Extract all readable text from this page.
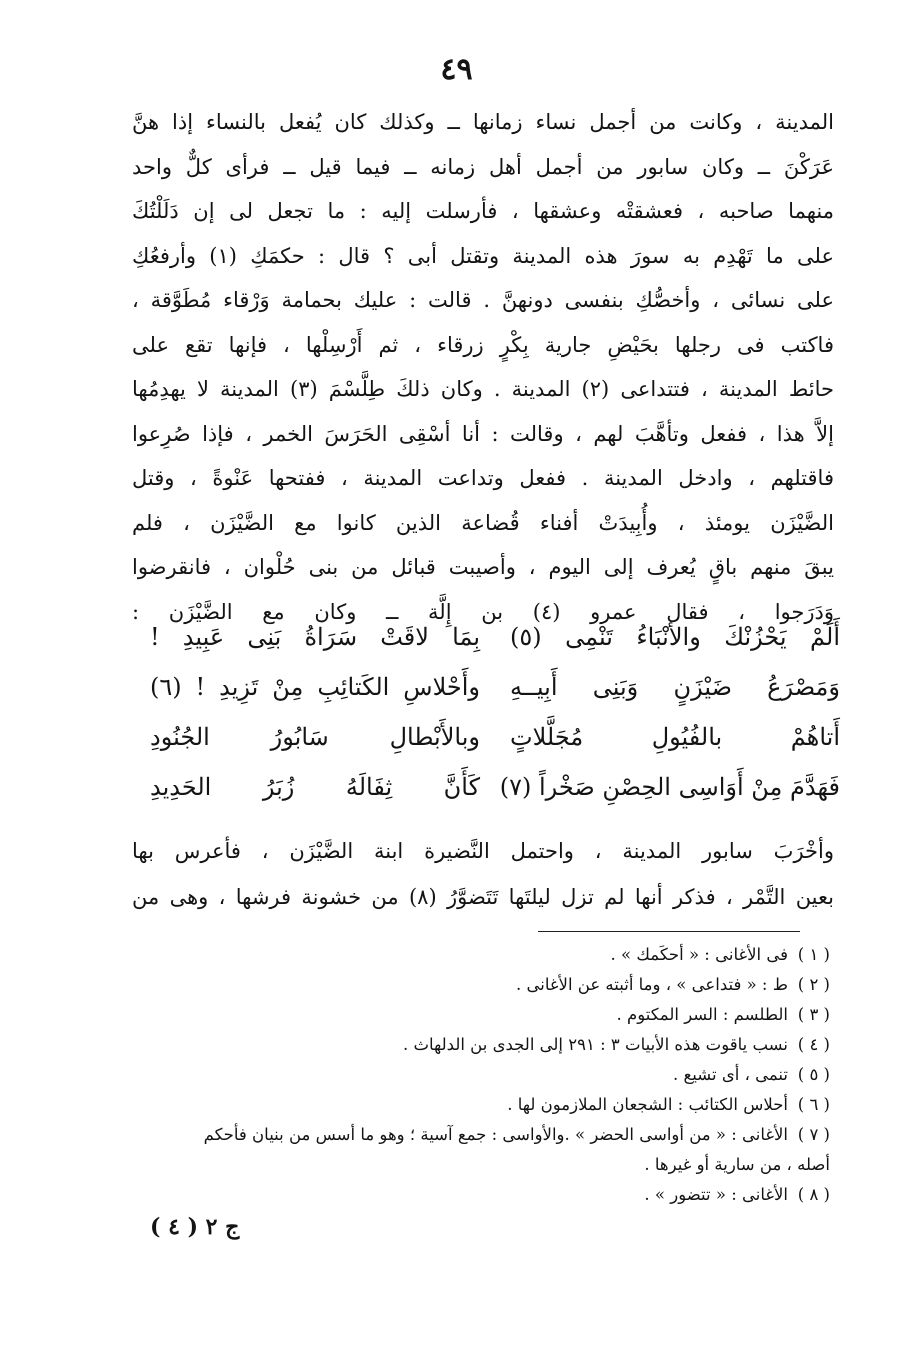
٤٩
المدينة ، وكانت من أجمل نساء زمانها ــ وكذلك كان يُفعل بالنساء إذا هنَّ
عَرَكْنَ ــ وكان سابور من أجمل أهل زمانه ــ فيما قيل ــ فرأى كلٌّ واحد
منهما صاحبه ، فعشقتْه وعشقها ، فأرسلت إليه : ما تجعل لى إن دَلَلْتُكَ
على ما تَهْدِم به سورَ هذه المدينة وتقتل أبى ؟ قال : حكمَكِ (١) وأرفعُكِ
على نسائى ، وأخصُّكِ بنفسى دونهنَّ . قالت : عليك بحمامة وَرْقاء مُطَوَّقة ،
فاكتب فى رجلها بحَيْضِ جارية بِكْرٍ زرقاء ، ثم أَرْسِلْها ، فإنها تقع على
حائط المدينة ، فتتداعى (٢) المدينة . وكان ذلكَ طِلَّسْمَ (٣) المدينة لا يهدِمُها
إلاَّ هذا ، ففعل وتأهَّبَ لهم ، وقالت : أنا أسْقِى الحَرَسَ الخمر ، فإذا صُرِعوا
فاقتلهم ، وادخل المدينة . ففعل وتداعت المدينة ، ففتحها عَنْوةً ، وقتل
الضَّيْزَن يومئذ ، وأُبِيدَتْ أفناء قُضاعة الذين كانوا مع الضَّيْزَن ، فلم
يبقَ منهم باقٍ يُعرف إلى اليوم ، وأصيبت قبائل من بنى حُلْوان ، فانقرضوا
وَدَرَجوا ، فقال عمرو (٤) بن إِلَّة ــ وكان مع الضَّيْزَن :
أَلَمْ يَحْزُنْكَ والأنْبَاءُ تَنْمِى (٥)
بِمَا لاقَتْ سَرَاةُ بَنِى عَبِيدِ !
وَمَصْرَعُ ضَيْزَنٍ وَبَنِى أَبِيــهِ
وأَحْلاسِ الكَتائِبِ مِنْ تَزِيدِ ! (٦)
أَتاهُمْ بالفُيُولِ مُجَلَّلاتٍ
وبالأَبْطالِ سَابُورُ الجُنُودِ
فَهَدَّمَ مِنْ أَوَاسِى الحِصْنِ صَخْراً (٧)
كَأَنَّ ثِفَالَهُ زُبَرُ الحَدِيدِ
وأخْرَبَ سابور المدينة ، واحتمل النَّضيرة ابنة الضَّيْزَن ، فأعرس بها
بعين التَّمْر ، فذكر أنها لم تزل ليلتَها تَتَضوَّرُ (٨) من خشونة فرشها ، وهى من
( ١ )فى الأغانى : « أحكَمك » .
( ٢ )ط : « فتداعى » ، وما أثبته عن الأغانى .
( ٣ )الطلسم : السر المكتوم .
( ٤ )نسب ياقوت هذه الأبيات ٣ : ٢٩١ إلى الجدى بن الدلهاث .
( ٥ )تنمى ، أى تشيع .
( ٦ )أحلاس الكتائب : الشجعان الملازمون لها .
( ٧ )الأغانى : « من أواسى الحضر » .والأواسى : جمع آسية ؛ وهو ما أسس من بنيان فأحكم
أصله ، من سارية أو غيرها .
( ٨ )الأغانى : « تتضور » .
ج ٢ ( ٤ )
